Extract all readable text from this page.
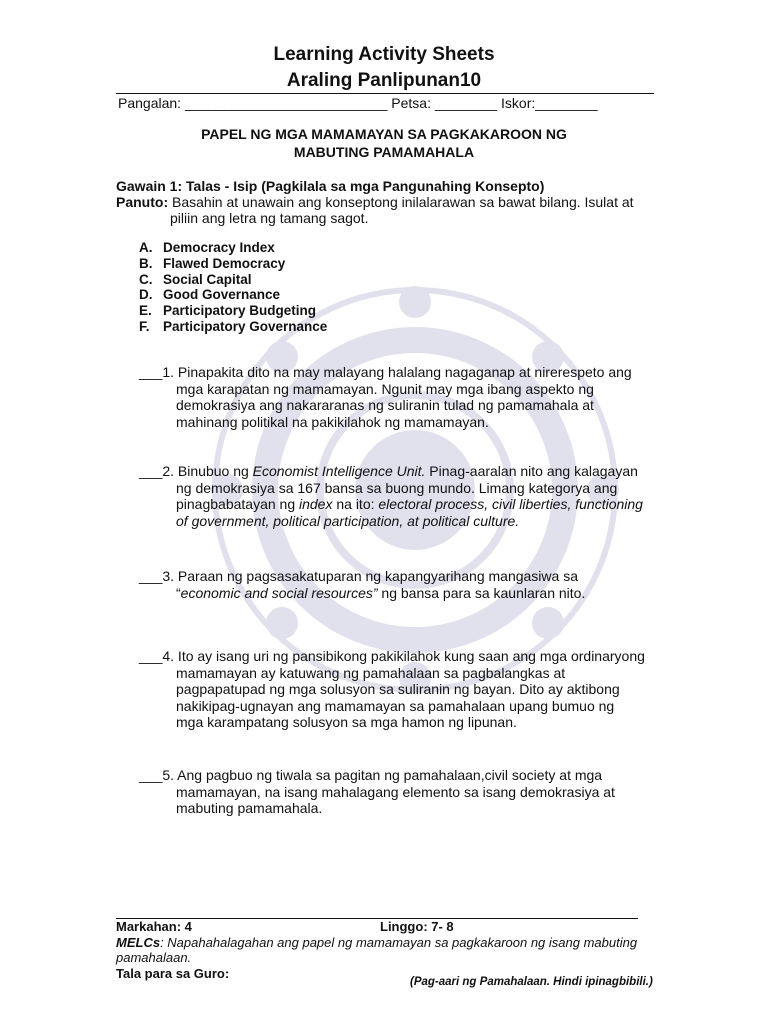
Learning Activity Sheets
Araling Panlipunan10
Pangalan: __________________________ Petsa: ________ Iskor:________
PAPEL NG MGA MAMAMAYAN SA PAGKAKAROON NG
MABUTING PAMAMAHALA
Gawain 1: Talas - Isip (Pagkilala sa mga Pangunahing Konsepto)
Panuto: Basahin at unawain ang konseptong inilalarawan sa bawat bilang. Isulat at
piliin ang letra ng tamang sagot.
A. Democracy Index
B. Flawed Democracy
C. Social Capital
D. Good Governance
E. Participatory Budgeting
F. Participatory Governance
___1. Pinapakita dito na may malayang halalang nagaganap at nirerespeto ang
mga karapatan ng mamamayan. Ngunit may mga ibang aspekto ng
demokrasiya ang nakararanas ng suliranin tulad ng pamamahala at
mahinang politikal na pakikilahok ng mamamayan.
___2. Binubuo ng Economist Intelligence Unit. Pinag-aaralan nito ang kalagayan
ng demokrasiya sa 167 bansa sa buong mundo. Limang kategorya ang
pinagbabatayan ng index na ito: electoral process, civil liberties, functioning
of government, political participation, at political culture.
___3. Paraan ng pagsasakatuparan ng kapangyarihang mangasiwa sa
“economic and social resources” ng bansa para sa kaunlaran nito.
___4. Ito ay isang uri ng pansibikong pakikilahok kung saan ang mga ordinaryong
mamamayan ay katuwang ng pamahalaan sa pagbalangkas at
pagpapatupad ng mga solusyon sa suliranin ng bayan. Dito ay aktibong
nakikipag-ugnayan ang mamamayan sa pamahalaan upang bumuo ng
mga karampatang solusyon sa mga hamon ng lipunan.
___5. Ang pagbuo ng tiwala sa pagitan ng pamahalaan,civil society at mga
mamamayan, na isang mahalagang elemento sa isang demokrasiya at
mabuting pamamahala.
Markahan: 4	Linggo: 7- 8
MELCs: Napahahalagahan ang papel ng mamamayan sa pagkakaroon ng isang mabuting pamahalaan.
Tala para sa Guro:
(Pag-aari ng Pamahalaan. Hindi ipinagbibili.)
